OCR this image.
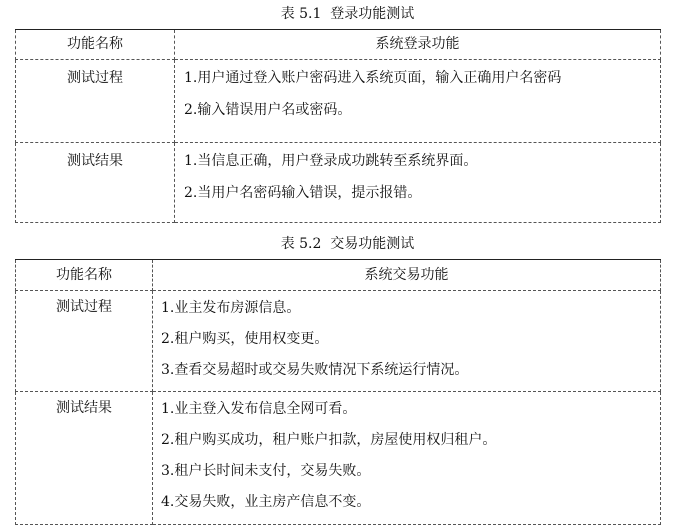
表 5.1  登录功能测试
功能名称	系统登录功能

测试过程	1.用户通过登入账户密码进入系统页面，输入正确用户名密码
2.输入错误用户名或密码。

测试结果	1.当信息正确，用户登录成功跳转至系统界面。
2.当用户名密码输入错误，提示报错。
表 5.2  交易功能测试
功能名称	系统交易功能

测试过程	1.业主发布房源信息。
2.租户购买，使用权变更。
3.查看交易超时或交易失败情况下系统运行情况。

测试结果	1.业主登入发布信息全网可看。
2.租户购买成功，租户账户扣款，房屋使用权归租户。
3.租户长时间未支付，交易失败。
4.交易失败，业主房产信息不变。
